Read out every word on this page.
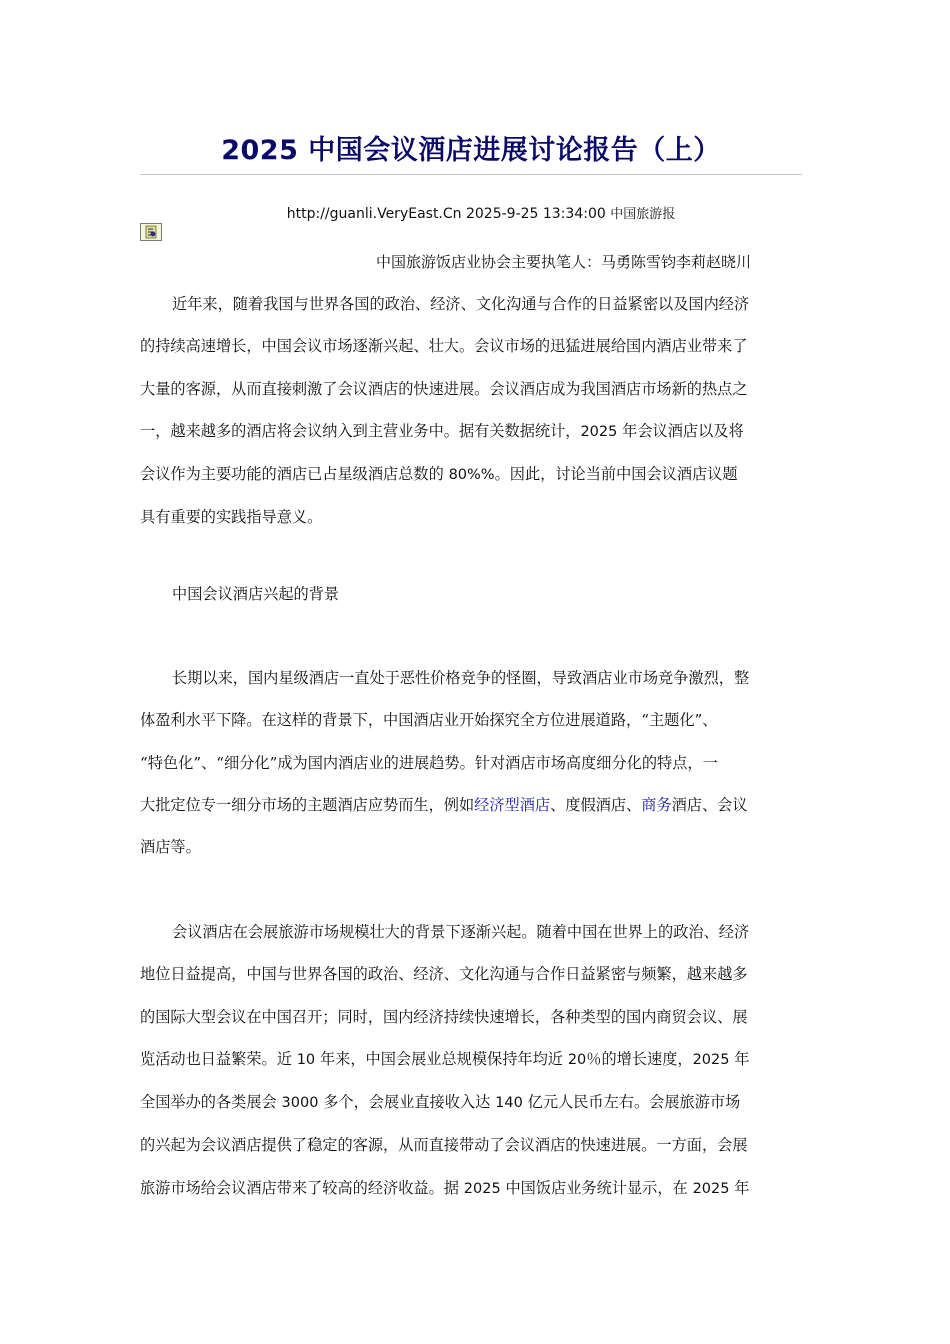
2025 中国会议酒店进展讨论报告（上）
http://guanli.VeryEast.Cn 2025-9-25 13:34:00 中国旅游报
中国旅游饭店业协会主要执笔人：马勇陈雪钧李莉赵晓川
近年来，随着我国与世界各国的政治、经济、文化沟通与合作的日益紧密以及国内经济
的持续高速增长，中国会议市场逐渐兴起、壮大。会议市场的迅猛进展给国内酒店业带来了
大量的客源，从而直接刺激了会议酒店的快速进展。会议酒店成为我国酒店市场新的热点之
一，越来越多的酒店将会议纳入到主营业务中。据有关数据统计，2025 年会议酒店以及将
会议作为主要功能的酒店已占星级酒店总数的 80%%。因此，讨论当前中国会议酒店议题
具有重要的实践指导意义。
中国会议酒店兴起的背景
长期以来，国内星级酒店一直处于恶性价格竞争的怪圈，导致酒店业市场竞争激烈，整
体盈利水平下降。在这样的背景下，中国酒店业开始探究全方位进展道路，“主题化”、
“特色化”、“细分化”成为国内酒店业的进展趋势。针对酒店市场高度细分化的特点，一
大批定位专一细分市场的主题酒店应势而生，例如经济型酒店、度假酒店、商务酒店、会议
酒店等。
会议酒店在会展旅游市场规模壮大的背景下逐渐兴起。随着中国在世界上的政治、经济
地位日益提高，中国与世界各国的政治、经济、文化沟通与合作日益紧密与频繁，越来越多
的国际大型会议在中国召开；同时，国内经济持续快速增长，各种类型的国内商贸会议、展
览活动也日益繁荣。近 10 年来，中国会展业总规模保持年均近 20％的增长速度，2025 年
全国举办的各类展会 3000 多个，会展业直接收入达 140 亿元人民币左右。会展旅游市场
的兴起为会议酒店提供了稳定的客源，从而直接带动了会议酒店的快速进展。一方面，会展
旅游市场给会议酒店带来了较高的经济收益。据 2025 中国饭店业务统计显示，在 2025 年
